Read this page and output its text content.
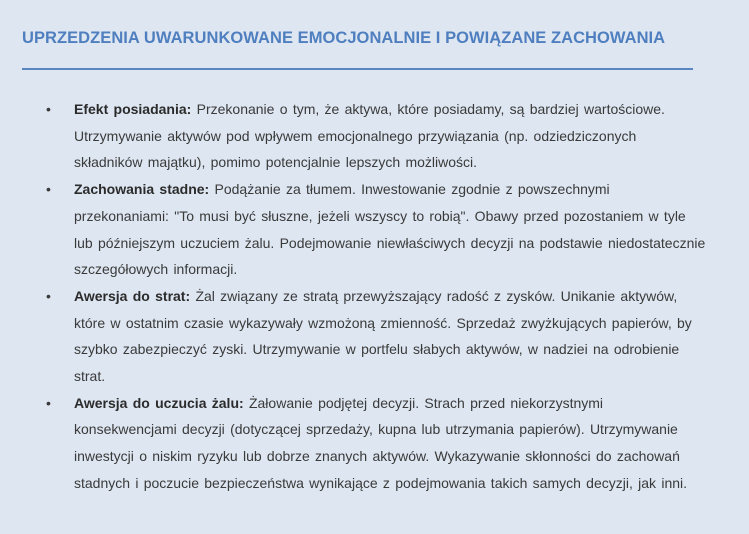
UPRZEDZENIA UWARUNKOWANE EMOCJONALNIE I POWIĄZANE ZACHOWANIA
• Efekt posiadania: Przekonanie o tym, że aktywa, które posiadamy, są bardziej wartościowe. Utrzymywanie aktywów pod wpływem emocjonalnego przywiązania (np. odziedziczonych składników majątku), pomimo potencjalnie lepszych możliwości.
• Zachowania stadne: Podążanie za tłumem. Inwestowanie zgodnie z powszechnymi przekonaniami: "To musi być słuszne, jeżeli wszyscy to robią". Obawy przed pozostaniem w tyle lub późniejszym uczuciem żalu. Podejmowanie niewłaściwych decyzji na podstawie niedostatecznie szczegółowych informacji.
• Awersja do strat: Żal związany ze stratą przewyższający radość z zysków. Unikanie aktywów, które w ostatnim czasie wykazywały wzmożoną zmienność. Sprzedaż zwyżkujących papierów, by szybko zabezpieczyć zyski. Utrzymywanie w portfelu słabych aktywów, w nadziei na odrobienie strat.
• Awersja do uczucia żalu: Żałowanie podjętej decyzji. Strach przed niekorzystnymi konsekwencjami decyzji (dotyczącej sprzedaży, kupna lub utrzymania papierów). Utrzymywanie inwestycji o niskim ryzyku lub dobrze znanych aktywów. Wykazywanie skłonności do zachowań stadnych i poczucie bezpieczeństwa wynikające z podejmowania takich samych decyzji, jak inni.
